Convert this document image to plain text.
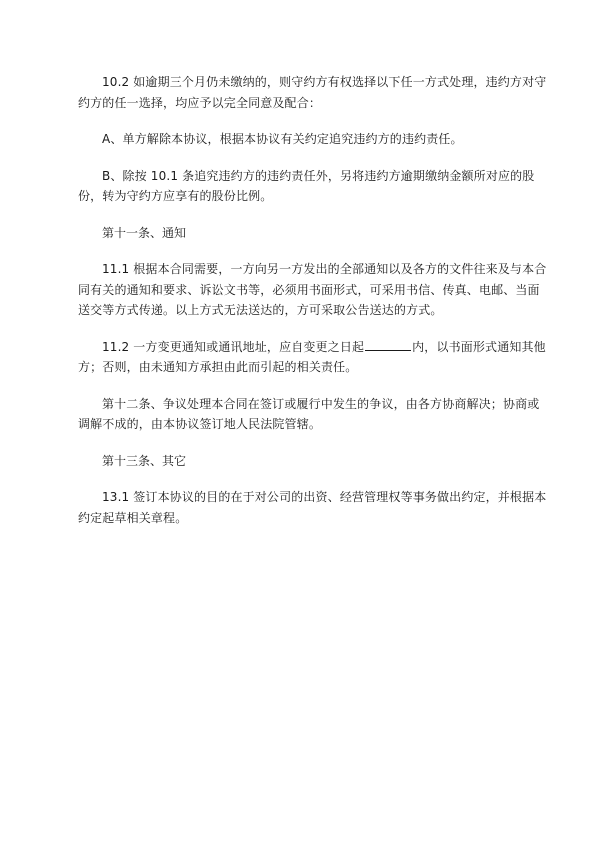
10.2 如逾期三个月仍未缴纳的，则守约方有权选择以下任一方式处理，违约方对守约方的任一选择，均应予以完全同意及配合：

A、单方解除本协议，根据本协议有关约定追究违约方的违约责任。

B、除按 10.1 条追究违约方的违约责任外，另将违约方逾期缴纳金额所对应的股份，转为守约方应享有的股份比例。

第十一条、通知

11.1 根据本合同需要，一方向另一方发出的全部通知以及各方的文件往来及与本合同有关的通知和要求、诉讼文书等，必须用书面形式，可采用书信、传真、电邮、当面送交等方式传递。以上方式无法送达的，方可采取公告送达的方式。

11.2 一方变更通知或通讯地址，应自变更之日起	内，以书面形式通知其他方；否则，由未通知方承担由此而引起的相关责任。

第十二条、争议处理本合同在签订或履行中发生的争议，由各方协商解决；协商或调解不成的，由本协议签订地人民法院管辖。

第十三条、其它

13.1 签订本协议的目的在于对公司的出资、经营管理权等事务做出约定，并根据本约定起草相关章程。
